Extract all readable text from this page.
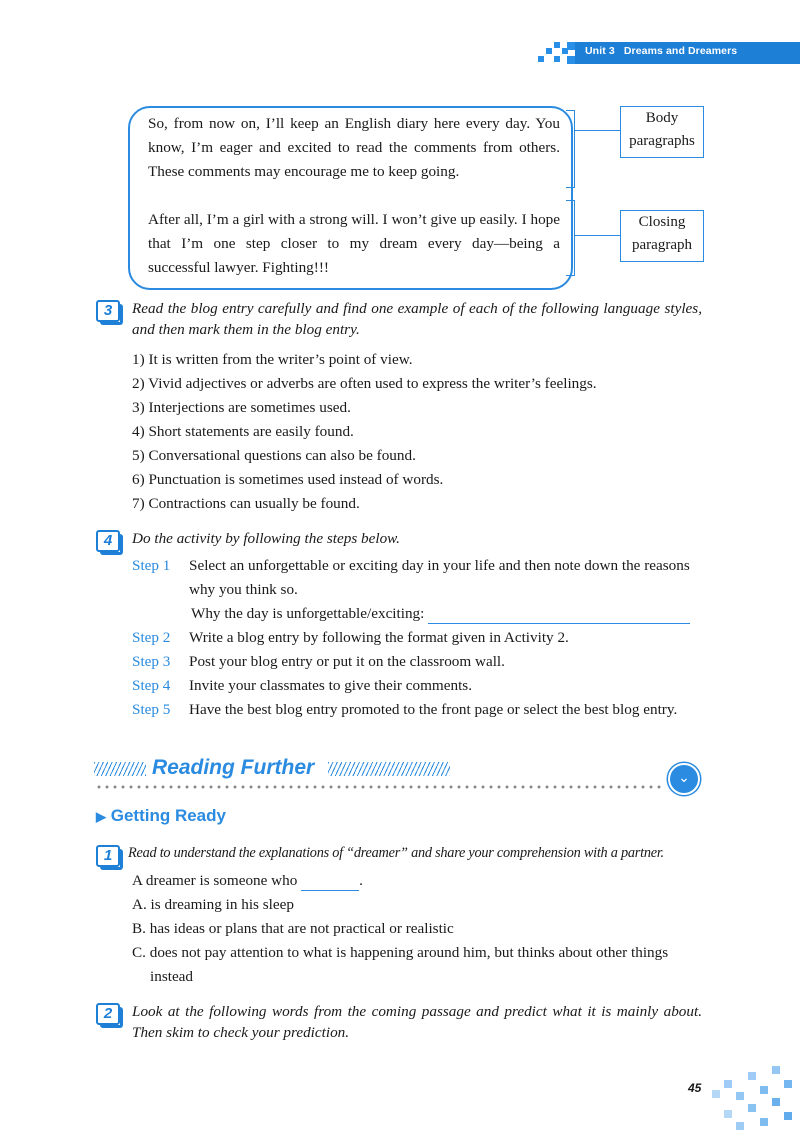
Unit 3 Dreams and Dreamers
So, from now on, I’ll keep an English diary here every day. You know, I’m eager and excited to read the comments from others. These comments may encourage me to keep going.
After all, I’m a girl with a strong will. I won’t give up easily. I hope that I’m one step closer to my dream every day—being a successful lawyer. Fighting!!!
Body paragraphs
Closing paragraph
3	Read the blog entry carefully and find one example of each of the following language styles, and then mark them in the blog entry.
1) It is written from the writer’s point of view.
2) Vivid adjectives or adverbs are often used to express the writer’s feelings.
3) Interjections are sometimes used.
4) Short statements are easily found.
5) Conversational questions can also be found.
6) Punctuation is sometimes used instead of words.
7) Contractions can usually be found.
4	Do the activity by following the steps below.
Step 1 Select an unforgettable or exciting day in your life and then note down the reasons
why you think so.
Why the day is unforgettable/exciting:
Step 2 Write a blog entry by following the format given in Activity 2.
Step 3 Post your blog entry or put it on the classroom wall.
Step 4 Invite your classmates to give their comments.
Step 5 Have the best blog entry promoted to the front page or select the best blog entry.
Reading Further	⌄
▶ Getting Ready
1	Read to understand the explanations of “dreamer” and share your comprehension with a partner.
A dreamer is someone who	.
A. is dreaming in his sleep
B. has ideas or plans that are not practical or realistic
C. does not pay attention to what is happening around him, but thinks about other things
instead
2	Look at the following words from the coming passage and predict what it is mainly about. Then skim to check your prediction.
45
